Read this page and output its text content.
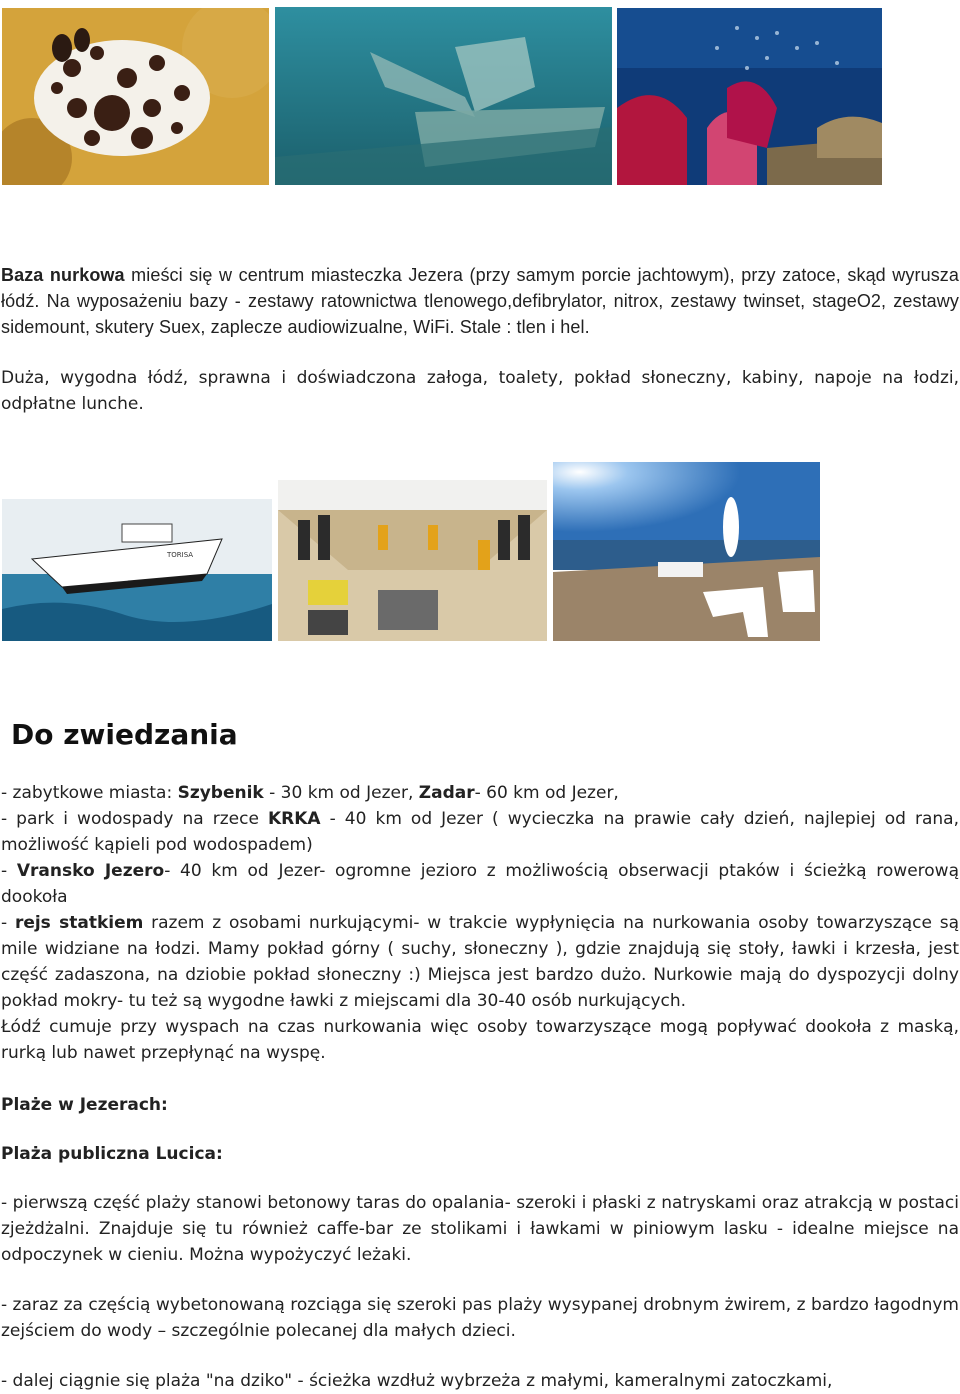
Baza nurkowa mieści się w centrum miasteczka Jezera (przy samym porcie jachtowym), przy zatoce, skąd wyrusza łódź. Na wyposażeniu bazy - zestawy ratownictwa tlenowego,defibrylator, nitrox, zestawy twinset, stageO2, zestawy sidemount, skutery Suex, zaplecze audiowizualne, WiFi. Stale : tlen i hel.

Duża, wygodna łódź, sprawna i doświadczona załoga, toalety, pokład słoneczny, kabiny, napoje na łodzi, odpłatne lunche.

TORISA
Do zwiedzania
- zabytkowe miasta: Szybenik - 30 km od Jezer, Zadar- 60 km od Jezer,
- park i wodospady na rzece KRKA - 40 km od Jezer ( wycieczka na prawie cały dzień, najlepiej od rana, możliwość kąpieli pod wodospadem)
- Vransko Jezero- 40 km od Jezer- ogromne jezioro z możliwością obserwacji ptaków i ścieżką rowerową dookoła
- rejs statkiem razem z osobami nurkującymi- w trakcie wypłynięcia na nurkowania osoby towarzyszące są mile widziane na łodzi. Mamy pokład górny ( suchy, słoneczny ), gdzie znajdują się stoły, ławki i krzesła, jest część zadaszona, na dziobie pokład słoneczny :) Miejsca jest bardzo dużo. Nurkowie mają do dyspozycji dolny pokład mokry- tu też są wygodne ławki z miejscami dla 30-40 osób nurkujących.
Łódź cumuje przy wyspach na czas nurkowania więc osoby towarzyszące mogą popływać dookoła z maską, rurką lub nawet przepłynąć na wyspę.

Plaże w Jezerach:

Plaża publiczna Lucica:

- pierwszą część plaży stanowi betonowy taras do opalania- szeroki i płaski z natryskami oraz atrakcją w postaci zjeżdżalni. Znajduje się tu również caffe-bar ze stolikami i ławkami w piniowym lasku - idealne miejsce na odpoczynek w cieniu. Można wypożyczyć leżaki.

- zaraz za częścią wybetonowaną rozciąga się szeroki pas plaży wysypanej drobnym żwirem, z bardzo łagodnym zejściem do wody – szczególnie polecanej dla małych dzieci.

- dalej ciągnie się plaża "na dziko" - ścieżka wzdłuż wybrzeża z małymi, kameralnymi zatoczkami,
